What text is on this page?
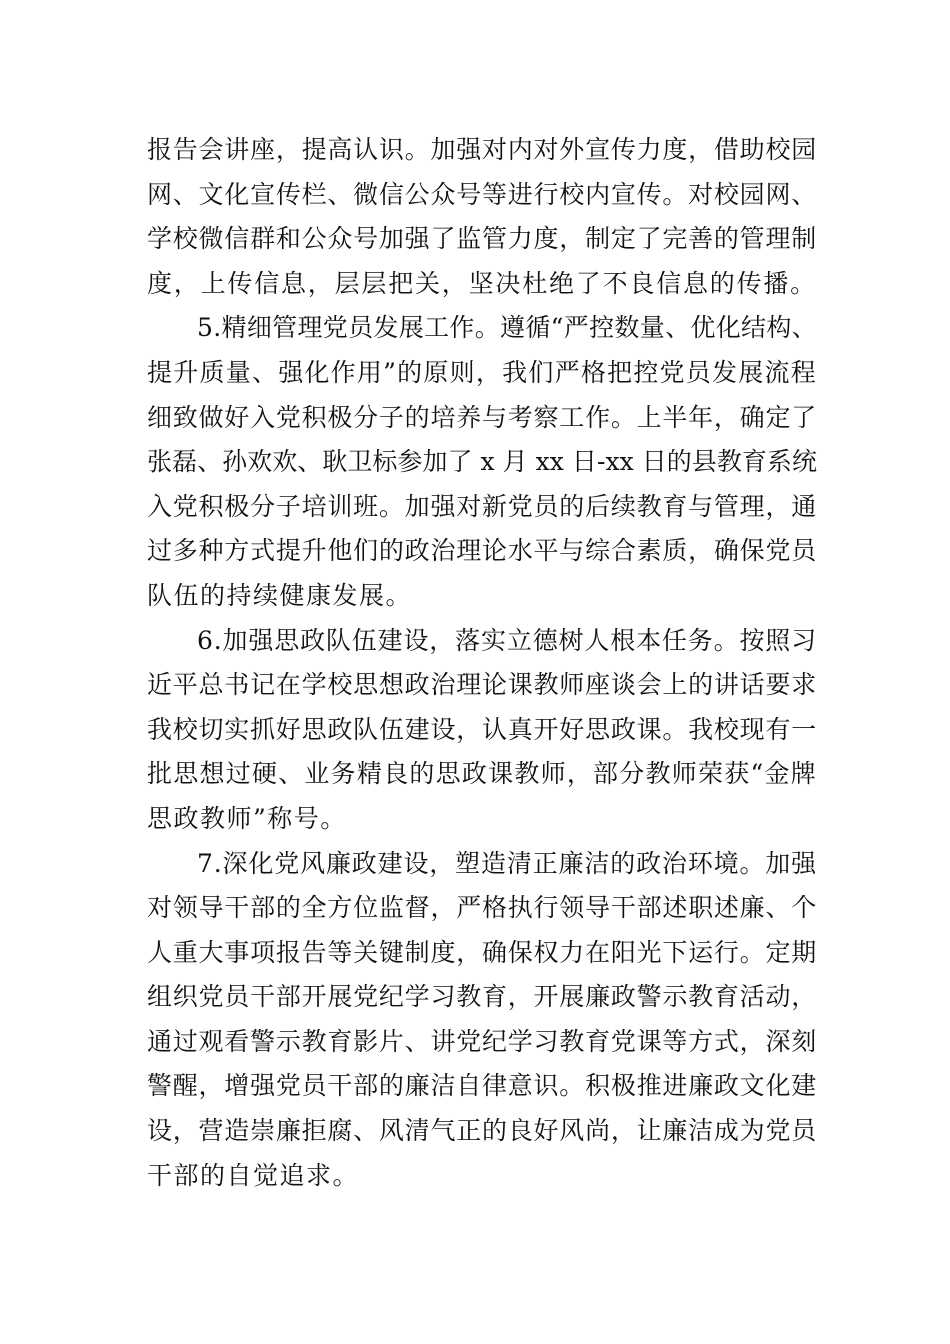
报告会讲座，提高认识。加强对内对外宣传力度，借助校园
网、文化宣传栏、微信公众号等进行校内宣传。对校园网、
学校微信群和公众号加强了监管力度，制定了完善的管理制
度，上传信息，层层把关，坚决杜绝了不良信息的传播。
5.精细管理党员发展工作。遵循“严控数量、优化结构、
提升质量、强化作用”的原则，我们严格把控党员发展流程
细致做好入党积极分子的培养与考察工作。上半年，确定了
张磊、孙欢欢、耿卫标参加了 x 月 xx 日-xx 日的县教育系统
入党积极分子培训班。加强对新党员的后续教育与管理，通
过多种方式提升他们的政治理论水平与综合素质，确保党员
队伍的持续健康发展。
6.加强思政队伍建设，落实立德树人根本任务。按照习
近平总书记在学校思想政治理论课教师座谈会上的讲话要求
我校切实抓好思政队伍建设，认真开好思政课。我校现有一
批思想过硬、业务精良的思政课教师，部分教师荣获“金牌
思政教师”称号。
7.深化党风廉政建设，塑造清正廉洁的政治环境。加强
对领导干部的全方位监督，严格执行领导干部述职述廉、个
人重大事项报告等关键制度，确保权力在阳光下运行。定期
组织党员干部开展党纪学习教育，开展廉政警示教育活动，
通过观看警示教育影片、讲党纪学习教育党课等方式，深刻
警醒，增强党员干部的廉洁自律意识。积极推进廉政文化建
设，营造崇廉拒腐、风清气正的良好风尚，让廉洁成为党员
干部的自觉追求。
